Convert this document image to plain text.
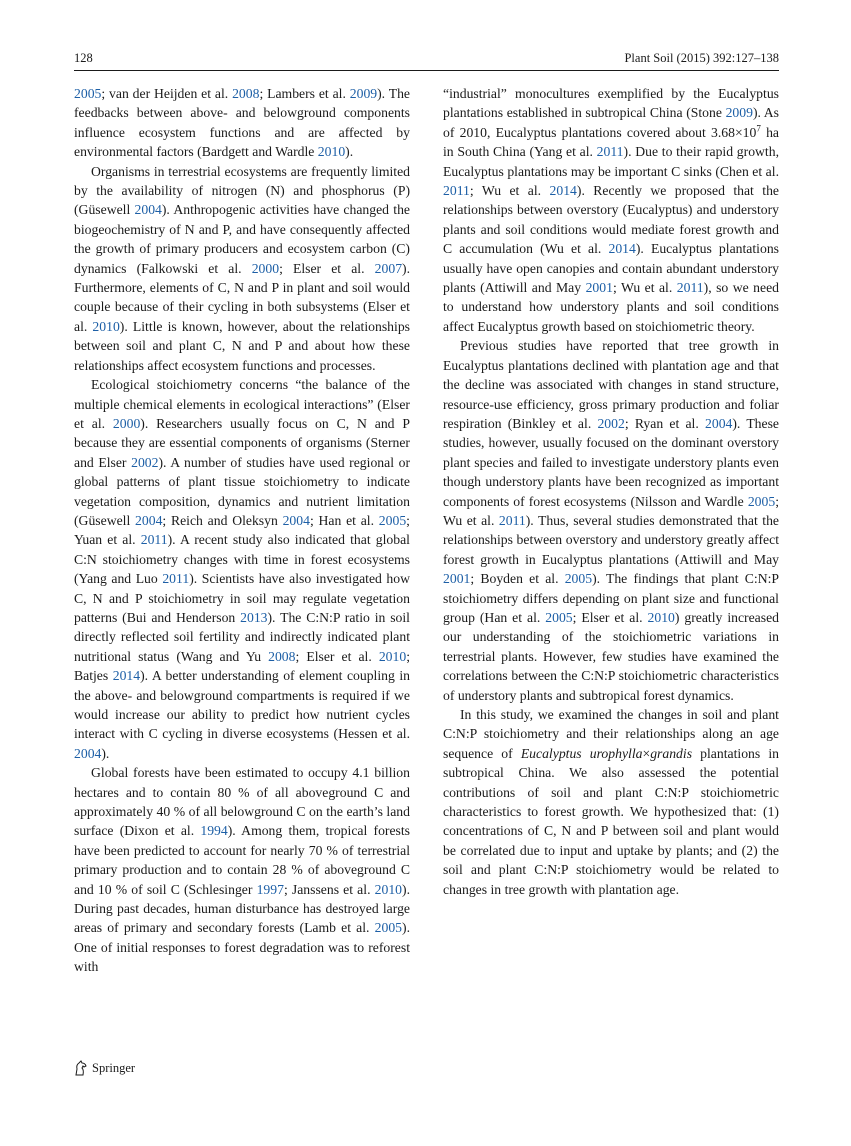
128	Plant Soil (2015) 392:127–138

2005; van der Heijden et al. 2008; Lambers et al. 2009). The feedbacks between above- and belowground components influence ecosystem functions and are affected by environmental factors (Bardgett and Wardle 2010).

Organisms in terrestrial ecosystems are frequently limited by the availability of nitrogen (N) and phosphorus (P) (Güsewell 2004). Anthropogenic activities have changed the biogeochemistry of N and P, and have consequently affected the growth of primary producers and ecosystem carbon (C) dynamics (Falkowski et al. 2000; Elser et al. 2007). Furthermore, elements of C, N and P in plant and soil would couple because of their cycling in both subsystems (Elser et al. 2010). Little is known, however, about the relationships between soil and plant C, N and P and about how these relationships affect ecosystem functions and processes.

Ecological stoichiometry concerns “the balance of the multiple chemical elements in ecological interactions” (Elser et al. 2000). Researchers usually focus on C, N and P because they are essential components of organisms (Sterner and Elser 2002). A number of studies have used regional or global patterns of plant tissue stoichiometry to indicate vegetation composition, dynamics and nutrient limitation (Güsewell 2004; Reich and Oleksyn 2004; Han et al. 2005; Yuan et al. 2011). A recent study also indicated that global C:N stoichiometry changes with time in forest ecosystems (Yang and Luo 2011). Scientists have also investigated how C, N and P stoichiometry in soil may regulate vegetation patterns (Bui and Henderson 2013). The C:N:P ratio in soil directly reflected soil fertility and indirectly indicated plant nutritional status (Wang and Yu 2008; Elser et al. 2010; Batjes 2014). A better understanding of element coupling in the above- and belowground compartments is required if we would increase our ability to predict how nutrient cycles interact with C cycling in diverse ecosystems (Hessen et al. 2004).

Global forests have been estimated to occupy 4.1 billion hectares and to contain 80 % of all aboveground C and approximately 40 % of all belowground C on the earth’s land surface (Dixon et al. 1994). Among them, tropical forests have been predicted to account for nearly 70 % of terrestrial primary production and to contain 28 % of aboveground C and 10 % of soil C (Schlesinger 1997; Janssens et al. 2010). During past decades, human disturbance has destroyed large areas of primary and secondary forests (Lamb et al. 2005). One of initial responses to forest degradation was to reforest with

“industrial” monocultures exemplified by the Eucalyptus plantations established in subtropical China (Stone 2009). As of 2010, Eucalyptus plantations covered about $3.68\times 10^7$ ha in South China (Yang et al. 2011). Due to their rapid growth, Eucalyptus plantations may be important C sinks (Chen et al. 2011; Wu et al. 2014). Recently we proposed that the relationships between overstory (Eucalyptus) and understory plants and soil conditions would mediate forest growth and C accumulation (Wu et al. 2014). Eucalyptus plantations usually have open canopies and contain abundant understory plants (Attiwill and May 2001; Wu et al. 2011), so we need to understand how understory plants and soil conditions affect Eucalyptus growth based on stoichiometric theory.

Previous studies have reported that tree growth in Eucalyptus plantations declined with plantation age and that the decline was associated with changes in stand structure, resource-use efficiency, gross primary production and foliar respiration (Binkley et al. 2002; Ryan et al. 2004). These studies, however, usually focused on the dominant overstory plant species and failed to investigate understory plants even though understory plants have been recognized as important components of forest ecosystems (Nilsson and Wardle 2005; Wu et al. 2011). Thus, several studies demonstrated that the relationships between overstory and understory greatly affect forest growth in Eucalyptus plantations (Attiwill and May 2001; Boyden et al. 2005). The findings that plant C:N:P stoichiometry differs depending on plant size and functional group (Han et al. 2005; Elser et al. 2010) greatly increased our understanding of the stoichiometric variations in terrestrial plants. However, few studies have examined the correlations between the C:N:P stoichiometric characteristics of understory plants and subtropical forest dynamics.

In this study, we examined the changes in soil and plant C:N:P stoichiometry and their relationships along an age sequence of Eucalyptus urophylla×grandis plantations in subtropical China. We also assessed the potential contributions of soil and plant C:N:P stoichiometric characteristics to forest growth. We hypothesized that: (1) concentrations of C, N and P between soil and plant would be correlated due to input and uptake by plants; and (2) the soil and plant C:N:P stoichiometry would be related to changes in tree growth with plantation age.

Springer
